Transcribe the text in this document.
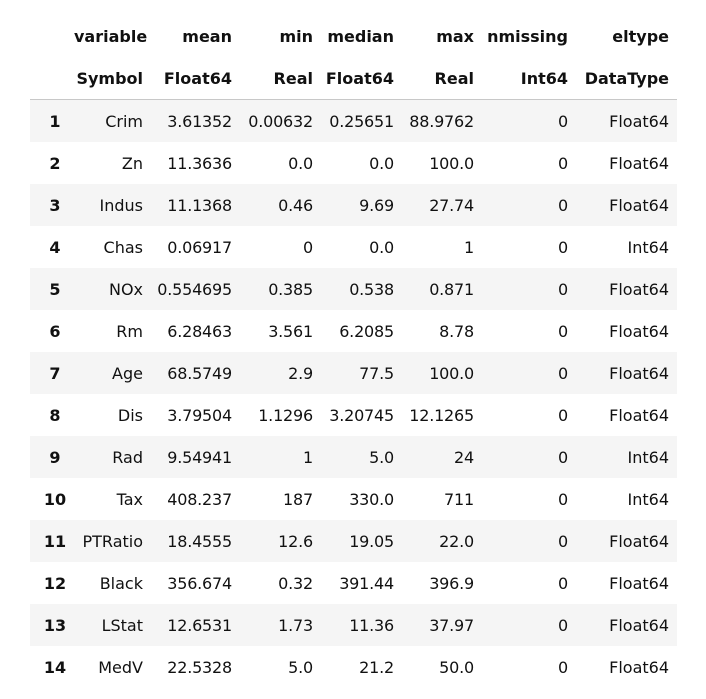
	variable	mean	min	median	max	nmissing	eltype
	Symbol	Float64	Real	Float64	Real	Int64	DataType
1	Crim	3.61352	0.00632	0.25651	88.9762	0	Float64
2	Zn	11.3636	0.0	0.0	100.0	0	Float64
3	Indus	11.1368	0.46	9.69	27.74	0	Float64
4	Chas	0.06917	0	0.0	1	0	Int64
5	NOx	0.554695	0.385	0.538	0.871	0	Float64
6	Rm	6.28463	3.561	6.2085	8.78	0	Float64
7	Age	68.5749	2.9	77.5	100.0	0	Float64
8	Dis	3.79504	1.1296	3.20745	12.1265	0	Float64
9	Rad	9.54941	1	5.0	24	0	Int64
10	Tax	408.237	187	330.0	711	0	Int64
11	PTRatio	18.4555	12.6	19.05	22.0	0	Float64
12	Black	356.674	0.32	391.44	396.9	0	Float64
13	LStat	12.6531	1.73	11.36	37.97	0	Float64
14	MedV	22.5328	5.0	21.2	50.0	0	Float64
